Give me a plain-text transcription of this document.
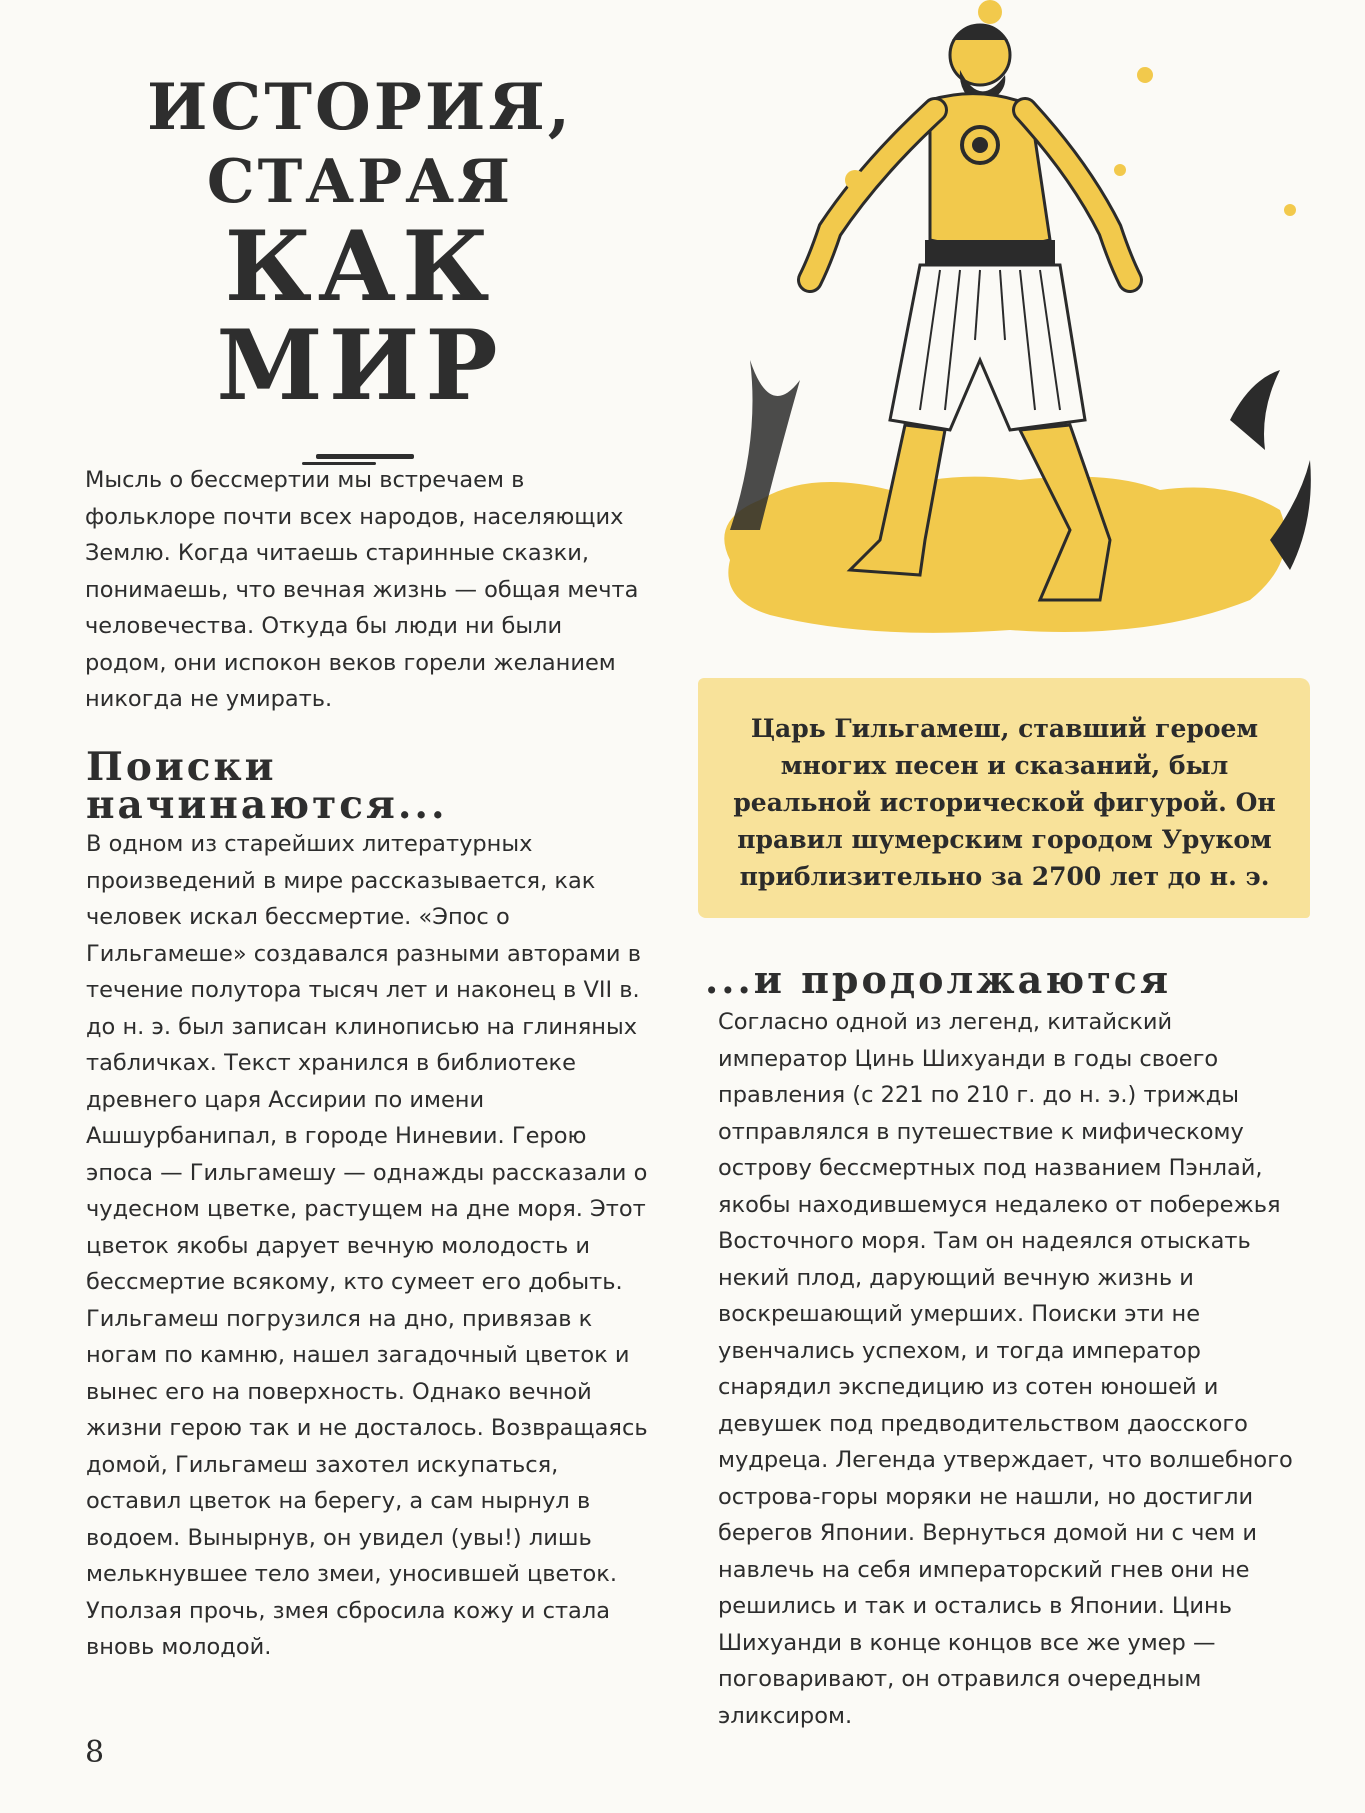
ИСТОРИЯ,
СТАРАЯ
КАК
МИР

Мысль о бессмертии мы встречаем в фольклоре почти всех народов, населяющих Землю. Когда читаешь старинные сказки, понимаешь, что вечная жизнь — общая мечта человечества. Откуда бы люди ни были родом, они испокон веков горели желанием никогда не умирать.

Поиски
начинаются...

В одном из старейших литературных произведений в мире рассказывается, как человек искал бессмертие. «Эпос о Гильгамеше» создавался разными авторами в течение полутора тысяч лет и наконец в VII в. до н. э. был записан клинописью на глиняных табличках. Текст хранился в библиотеке древнего царя Ассирии по имени Ашшурбанипал, в городе Ниневии. Герою эпоса — Гильгамешу — однажды рассказали о чудесном цветке, растущем на дне моря. Этот цветок якобы дарует вечную молодость и бессмертие всякому, кто сумеет его добыть. Гильгамеш погрузился на дно, привязав к ногам по камню, нашел загадочный цветок и вынес его на поверхность. Однако вечной жизни герою так и не досталось. Возвращаясь домой, Гильгамеш захотел искупаться, оставил цветок на берегу, а сам нырнул в водоем. Вынырнув, он увидел (увы!) лишь мелькнувшее тело змеи, уносившей цветок. Уползая прочь, змея сбросила кожу и стала вновь молодой.

Царь Гильгамеш, ставший героем многих песен и сказаний, был реальной исторической фигурой. Он правил шумерским городом Уруком приблизительно за 2700 лет до н. э.
...и продолжаются

Согласно одной из легенд, китайский император Цинь Шихуанди в годы своего правления (с 221 по 210 г. до н. э.) трижды отправлялся в путешествие к мифическому острову бессмертных под названием Пэнлай, якобы находившемуся недалеко от побережья Восточного моря. Там он надеялся отыскать некий плод, дарующий вечную жизнь и воскрешающий умерших. Поиски эти не увенчались успехом, и тогда император снарядил экспедицию из сотен юношей и девушек под предводительством даосского мудреца. Легенда утверждает, что волшебного острова-горы моряки не нашли, но достигли берегов Японии. Вернуться домой ни с чем и навлечь на себя императорский гнев они не решились и так и остались в Японии. Цинь Шихуанди в конце концов все же умер — поговаривают, он отравился очередным эликсиром.

8
